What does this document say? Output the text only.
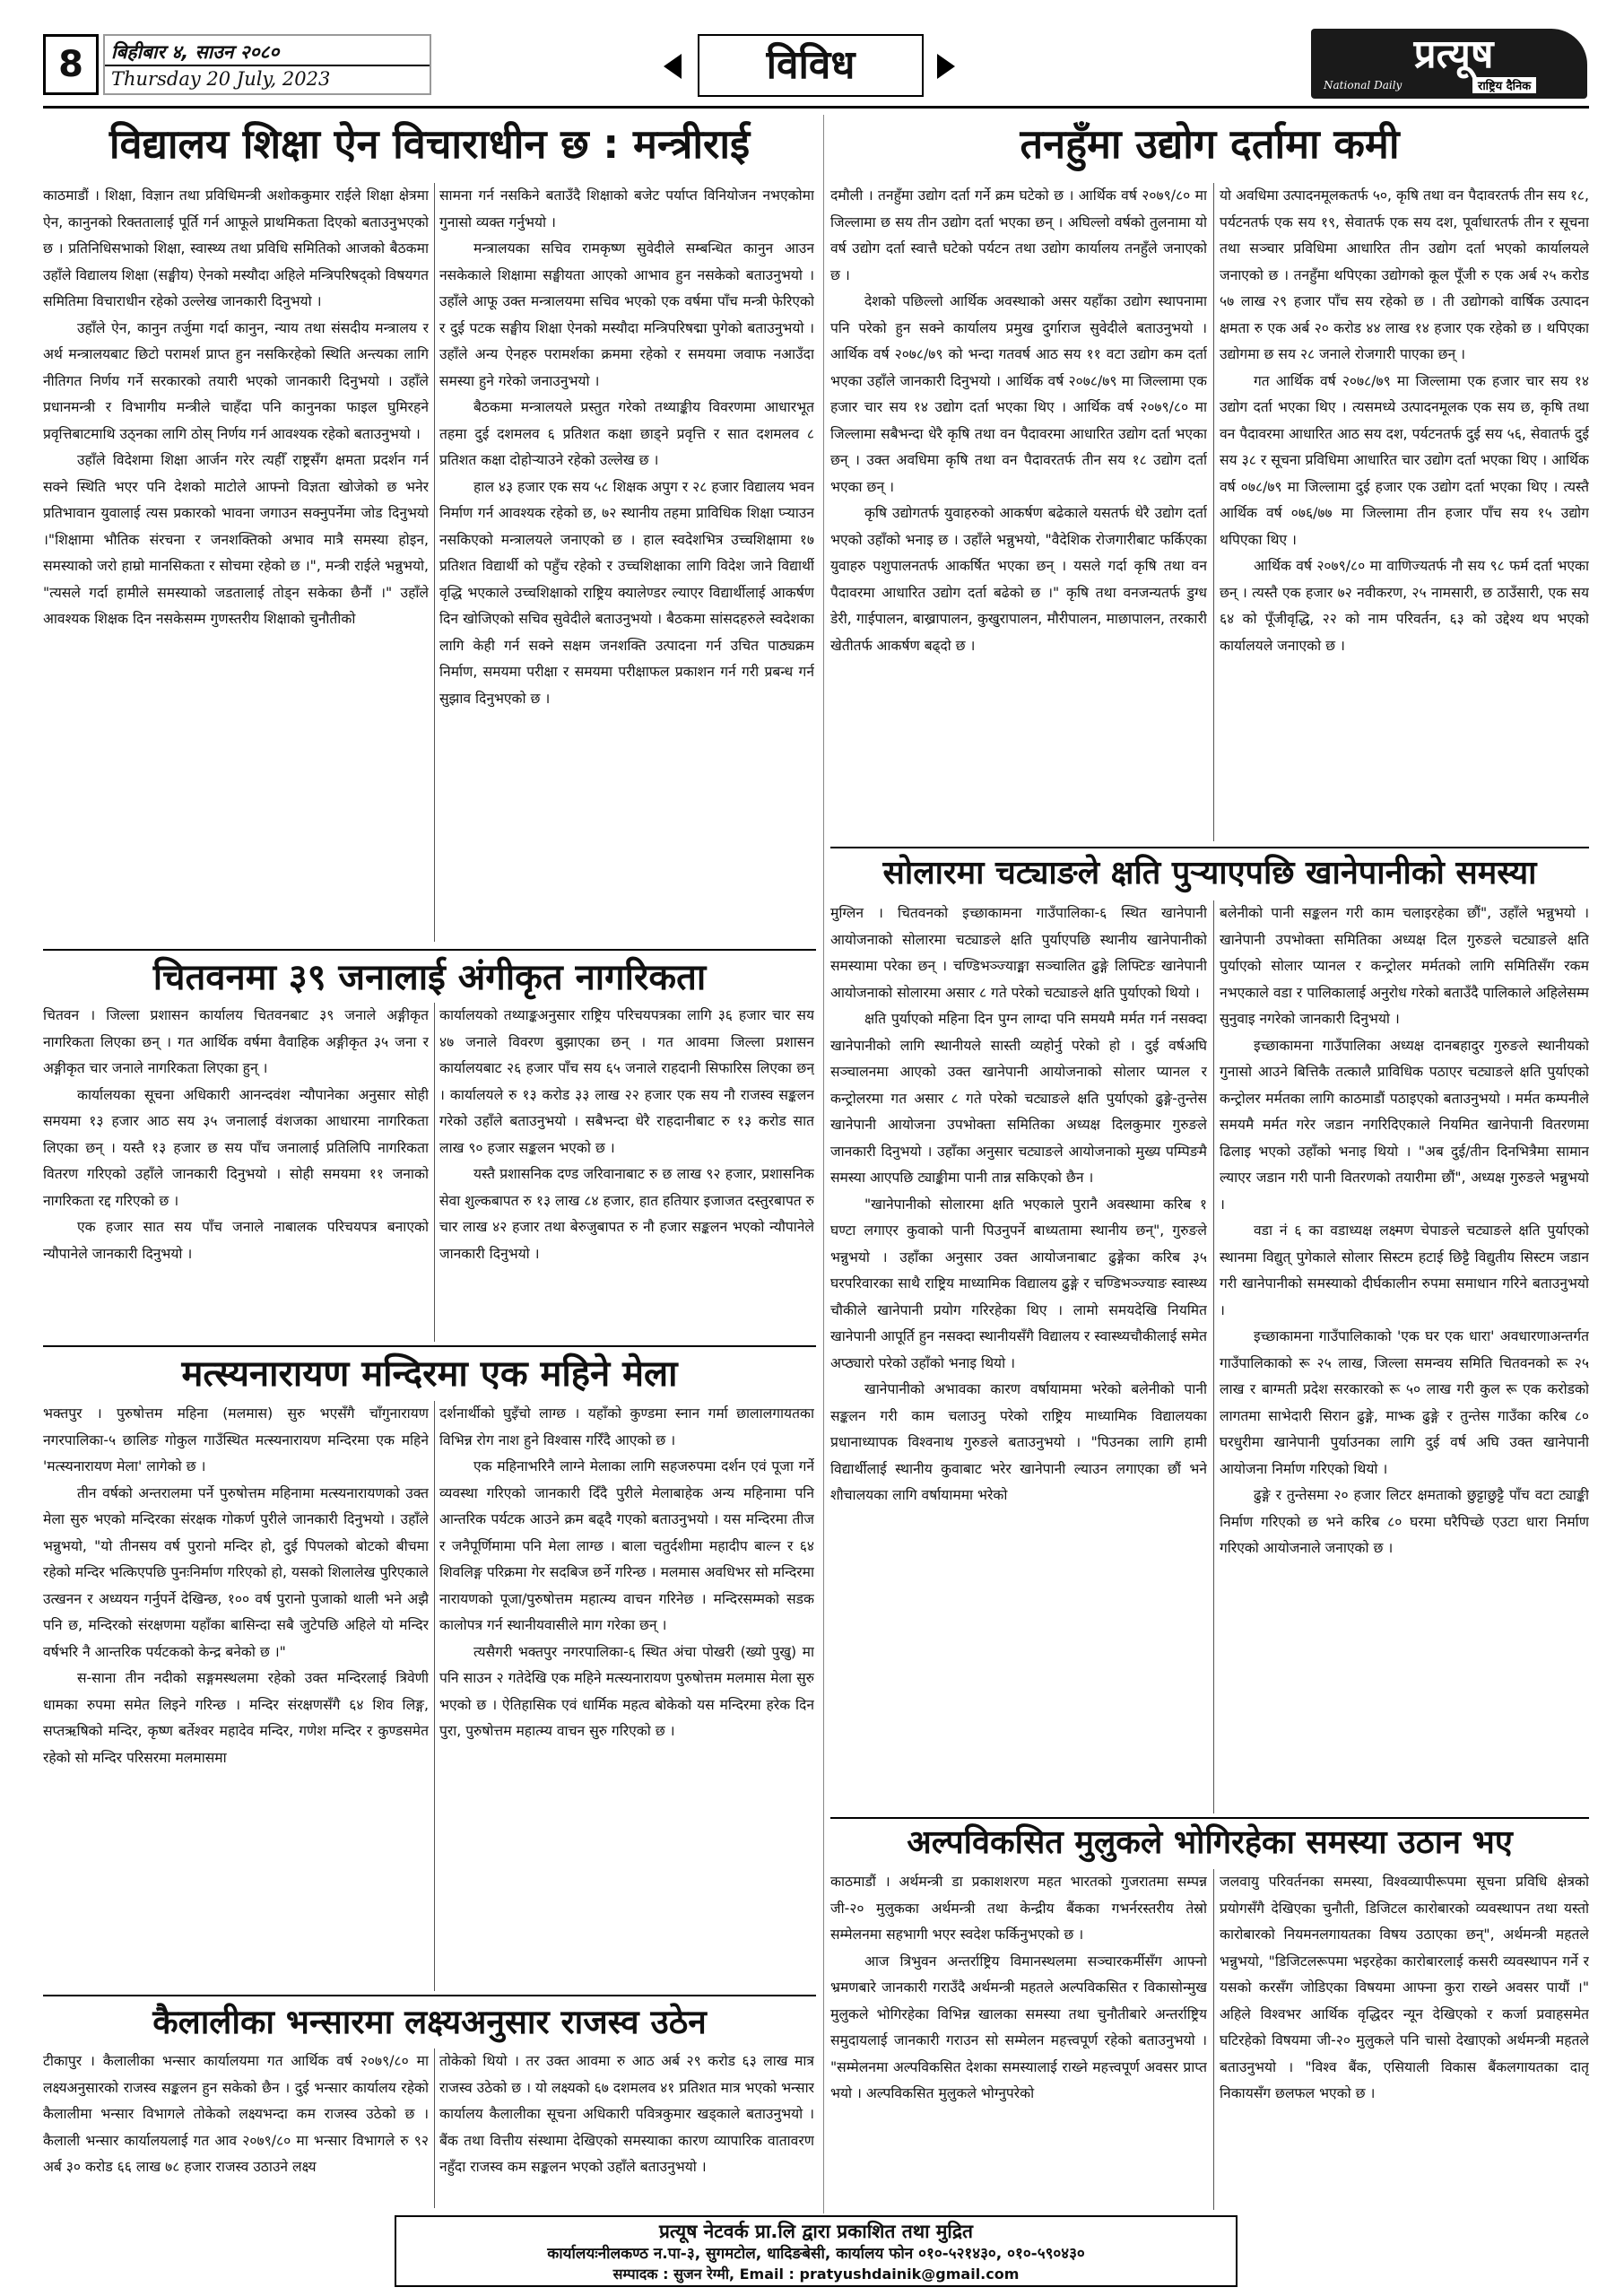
8	बिहीबार ४, साउन २०८०
Thursday 20 July, 2023	विविध	प्रत्यूष
National Daily	राष्ट्रिय दैनिक
विद्यालय शिक्षा ऐन विचाराधीन छ : मन्त्रीराई

काठमाडौं । शिक्षा, विज्ञान तथा प्रविधिमन्त्री अशोककुमार राईले शिक्षा क्षेत्रमा ऐन, कानुनको रिक्ततालाई पूर्ति गर्न आफूले प्राथमिकता दिएको बताउनुभएको छ । प्रतिनिधिसभाको शिक्षा, स्वास्थ्य तथा प्रविधि समितिको आजको बैठकमा उहाँले विद्यालय शिक्षा (सङ्घीय) ऐनको मस्यौदा अहिले मन्त्रिपरिषद्को विषयगत समितिमा विचाराधीन रहेको उल्लेख जानकारी दिनुभयो ।

उहाँले ऐन, कानुन तर्जुमा गर्दा कानुन, न्याय तथा संसदीय मन्त्रालय र अर्थ मन्त्रालयबाट छिटो परामर्श प्राप्त हुन नसकिरहेको स्थिति अन्त्यका लागि नीतिगत निर्णय गर्ने सरकारको तयारी भएको जानकारी दिनुभयो । उहाँले प्रधानमन्त्री र विभागीय मन्त्रीले चाहँदा पनि कानुनका फाइल घुमिरहने प्रवृत्तिबाटमाथि उठ्नका लागि ठोस् निर्णय गर्न आवश्यक रहेको बताउनुभयो ।

उहाँले विदेशमा शिक्षा आर्जन गरेर त्यहीँ राष्ट्रसँग क्षमता प्रदर्शन गर्न सक्ने स्थिति भएर पनि देशको माटोले आफ्नो विज्ञता खोजेको छ भनेर प्रतिभावान युवालाई त्यस प्रकारको भावना जगाउन सक्नुपर्नेमा जोड दिनुभयो ।"शिक्षामा भौतिक संरचना र जनशक्तिको अभाव मात्रै समस्या होइन, समस्याको जरो हाम्रो मानसिकता र सोचमा रहेको छ ।", मन्त्री राईले भन्नुभयो, "त्यसले गर्दा हामीले समस्याको जडतालाई तोड्न सकेका छैनौं ।" उहाँले आवश्यक शिक्षक दिन नसकेसम्म गुणस्तरीय शिक्षाको चुनौतीको

सामना गर्न नसकिने बताउँदै शिक्षाको बजेट पर्याप्त विनियोजन नभएकोमा गुनासो व्यक्त गर्नुभयो ।

मन्त्रालयका सचिव रामकृष्ण सुवेदीले सम्बन्धित कानुन आउन नसकेकाले शिक्षामा सङ्घीयता आएको आभाव हुन नसकेको बताउनुभयो । उहाँले आफू उक्त मन्त्रालयमा सचिव भएको एक वर्षमा पाँच मन्त्री फेरिएको र दुई पटक सङ्घीय शिक्षा ऐनको मस्यौदा मन्त्रिपरिषद्मा पुगेको बताउनुभयो । उहाँले अन्य ऐनहरु परामर्शका क्रममा रहेको र समयमा जवाफ नआउँदा समस्या हुने गरेको जनाउनुभयो ।

बैठकमा मन्त्रालयले प्रस्तुत गरेको तथ्याङ्कीय विवरणमा आधारभूत तहमा दुई दशमलव ६ प्रतिशत कक्षा छाड्ने प्रवृत्ति र सात दशमलव ८ प्रतिशत कक्षा दोहोऱ्याउने रहेको उल्लेख छ ।

हाल ४३ हजार एक सय ५८ शिक्षक अपुग र २८ हजार विद्यालय भवन निर्माण गर्न आवश्यक रहेको छ, ७२ स्थानीय तहमा प्राविधिक शिक्षा प्ऱ्याउन नसकिएको मन्त्रालयले जनाएको छ । हाल स्वदेशभित्र उच्चशिक्षामा १७ प्रतिशत विद्यार्थी को पहुँच रहेको र उच्चशिक्षाका लागि विदेश जाने विद्यार्थी वृद्धि भएकाले उच्चशिक्षाको राष्ट्रिय क्यालेण्डर ल्याएर विद्यार्थीलाई आकर्षण दिन खोजिएको सचिव सुवेदीले बताउनुभयो । बैठकमा सांसदहरुले स्वदेशका लागि केही गर्न सक्ने सक्षम जनशक्ति उत्पादना गर्न उचित पाठ्यक्रम निर्माण, समयमा परीक्षा र समयमा परीक्षाफल प्रकाशन गर्न गरी प्रबन्ध गर्न सुझाव दिनुभएको छ ।

चितवनमा ३९ जनालाई अंगीकृत नागरिकता

चितवन । जिल्ला प्रशासन कार्यालय चितवनबाट ३९ जनाले अङ्गीकृत नागरिकता लिएका छन् । गत आर्थिक वर्षमा वैवाहिक अङ्गीकृत ३५ जना र अङ्गीकृत चार जनाले नागरिकता लिएका हुन् ।

कार्यालयका सूचना अधिकारी आनन्दवंश न्यौपानेका अनुसार सोही समयमा १३ हजार आठ सय ३५ जनालाई वंशजका आधारमा नागरिकता लिएका छन् । यस्तै १३ हजार छ सय पाँच जनालाई प्रतिलिपि नागरिकता वितरण गरिएको उहाँले जानकारी दिनुभयो । सोही समयमा ११ जनाको नागरिकता रद्द गरिएको छ ।

एक हजार सात सय पाँच जनाले नाबालक परिचयपत्र बनाएको न्यौपानेले जानकारी दिनुभयो ।

कार्यालयको तथ्याङ्कअनुसार राष्ट्रिय परिचयपत्रका लागि ३६ हजार चार सय ४७ जनाले विवरण बुझाएका छन् । गत आवमा जिल्ला प्रशासन कार्यालयबाट २६ हजार पाँच सय ६५ जनाले राहदानी सिफारिस लिएका छन् । कार्यालयले रु १३ करोड ३३ लाख २२ हजार एक सय नौ राजस्व सङ्कलन गरेको उहाँले बताउनुभयो । सबैभन्दा धेरै राहदानीबाट रु १३ करोड सात लाख ९० हजार सङ्कलन भएको छ ।

यस्तै प्रशासनिक दण्ड जरिवानाबाट रु छ लाख ९२ हजार, प्रशासनिक सेवा शुल्कबापत रु १३ लाख ८४ हजार, हात हतियार इजाजत दस्तुरबापत रु चार लाख ४२ हजार तथा बेरुजुबापत रु नौ हजार सङ्कलन भएको न्यौपानेले जानकारी दिनुभयो ।

मत्स्यनारायण मन्दिरमा एक महिने मेला

भक्तपुर । पुरुषोत्तम महिना (मलमास) सुरु भएसँगै चाँगुनारायण नगरपालिका-५ छालिङ गोकुल गाउँस्थित मत्स्यनारायण मन्दिरमा एक महिने 'मत्स्यनारायण मेला' लागेको छ ।

तीन वर्षको अन्तरालमा पर्ने पुरुषोत्तम महिनामा मत्स्यनारायणको उक्त मेला सुरु भएको मन्दिरका संरक्षक गोकर्ण पुरीले जानकारी दिनुभयो । उहाँले भन्नुभयो, "यो तीनसय वर्ष पुरानो मन्दिर हो, दुई पिपलको बोटको बीचमा रहेको मन्दिर भत्किएपछि पुनःनिर्माण गरिएको हो, यसको शिलालेख पुरिएकाले उत्खनन र अध्ययन गर्नुपर्ने देखिन्छ, १०० वर्ष पुरानो पुजाको थाली भने अझै पनि छ, मन्दिरको संरक्षणमा यहाँका बासिन्दा सबै जुटेपछि अहिले यो मन्दिर वर्षभरि नै आन्तरिक पर्यटकको केन्द्र बनेको छ ।"

स-साना तीन नदीको सङ्गमस्थलमा रहेको उक्त मन्दिरलाई त्रिवेणी धामका रुपमा समेत लिइने गरिन्छ । मन्दिर संरक्षणसँगै ६४ शिव लिङ्ग, सप्तऋषिको मन्दिर, कृष्ण बर्तेश्वर महादेव मन्दिर, गणेश मन्दिर र कुण्डसमेत रहेको सो मन्दिर परिसरमा मलमासमा

दर्शनार्थीको घुइँचो लाग्छ । यहाँको कुण्डमा स्नान गर्मा छालालगायतका विभिन्न रोग नाश हुने विश्वास गरिँदै आएको छ ।

एक महिनाभरिनै लाग्ने मेलाका लागि सहजरुपमा दर्शन एवं पूजा गर्ने व्यवस्था गरिएको जानकारी दिँदै पुरीले मेलाबाहेक अन्य महिनामा पनि आन्तरिक पर्यटक आउने क्रम बढ्दै गएको बताउनुभयो । यस मन्दिरमा तीज र जनैपूर्णिमामा पनि मेला लाग्छ । बाला चतुर्दशीमा महादीप बाल्न र ६४ शिवलिङ्ग परिक्रमा गेर सदबिज छर्ने गरिन्छ । मलमास अवधिभर सो मन्दिरमा नारायणको पूजा/पुरुषोत्तम महात्म्य वाचन गरिनेछ । मन्दिरसम्मको सडक कालोपत्र गर्न स्थानीयवासीले माग गरेका छन् ।

त्यसैगरी भक्तपुर नगरपालिका-६ स्थित अंचा पोखरी (ख्यो पुखु) मा पनि साउन २ गतेदेखि एक महिने मत्स्यनारायण पुरुषोत्तम मलमास मेला सुरु भएको छ । ऐतिहासिक एवं धार्मिक महत्व बोकेको यस मन्दिरमा हरेक दिन पुरा, पुरुषोत्तम महात्म्य वाचन सुरु गरिएको छ ।

कैलालीका भन्सारमा लक्ष्यअनुसार राजस्व उठेन

टीकापुर । कैलालीका भन्सार कार्यालयमा गत आर्थिक वर्ष २०७९/८० मा लक्ष्यअनुसारको राजस्व सङ्कलन हुन सकेको छैन । दुई भन्सार कार्यालय रहेको कैलालीमा भन्सार विभागले तोकेको लक्ष्यभन्दा कम राजस्व उठेको छ । कैलाली भन्सार कार्यालयलाई गत आव २०७९/८० मा भन्सार विभागले रु ९२ अर्ब ३० करोड ६६ लाख ७८ हजार राजस्व उठाउने लक्ष्य

तोकेको थियो । तर उक्त आवमा रु आठ अर्ब २९ करोड ६३ लाख मात्र राजस्व उठेको छ । यो लक्ष्यको ६७ दशमलव ४१ प्रतिशत मात्र भएको भन्सार कार्यालय कैलालीका सूचना अधिकारी पवित्रकुमार खड्काले बताउनुभयो । बैंक तथा वित्तीय संस्थामा देखिएको समस्याका कारण व्यापारिक वातावरण नहुँदा राजस्व कम सङ्कलन भएको उहाँले बताउनुभयो ।

तनहुँमा उद्योग दर्तामा कमी

दमौली । तनहुँमा उद्योग दर्ता गर्ने क्रम घटेको छ । आर्थिक वर्ष २०७९/८० मा जिल्लामा छ सय तीन उद्योग दर्ता भएका छन् । अघिल्लो वर्षको तुलनामा यो वर्ष उद्योग दर्ता स्वात्तै घटेको पर्यटन तथा उद्योग कार्यालय तनहुँले जनाएको छ ।

देशको पछिल्लो आर्थिक अवस्थाको असर यहाँका उद्योग स्थापनामा पनि परेको हुन सक्ने कार्यालय प्रमुख दुर्गाराज सुवेदीले बताउनुभयो । आर्थिक वर्ष २०७८/७९ को भन्दा गतवर्ष आठ सय ११ वटा उद्योग कम दर्ता भएका उहाँले जानकारी दिनुभयो । आर्थिक वर्ष २०७८/७९ मा जिल्लामा एक हजार चार सय १४ उद्योग दर्ता भएका थिए । आर्थिक वर्ष २०७९/८० मा जिल्लामा सबैभन्दा धेरै कृषि तथा वन पैदावरमा आधारित उद्योग दर्ता भएका छन् । उक्त अवधिमा कृषि तथा वन पैदावरतर्फ तीन सय १८ उद्योग दर्ता भएका छन् ।

कृषि उद्योगतर्फ युवाहरुको आकर्षण बढेकाले यसतर्फ धेरै उद्योग दर्ता भएको उहाँको भनाइ छ । उहाँले भन्नुभयो, "वैदेशिक रोजगारीबाट फर्किएका युवाहरु पशुपालनतर्फ आकर्षित भएका छन् । यसले गर्दा कृषि तथा वन पैदावरमा आधारित उद्योग दर्ता बढेको छ ।" कृषि तथा वनजन्यतर्फ डुग्ध डेरी, गाईपालन, बाख्रापालन, कुखुरापालन, मौरीपालन, माछापालन, तरकारी खेतीतर्फ आकर्षण बढ्दो छ ।

यो अवधिमा उत्पादनमूलकतर्फ ५०, कृषि तथा वन पैदावरतर्फ तीन सय १८, पर्यटनतर्फ एक सय १९, सेवातर्फ एक सय दश, पूर्वाधारतर्फ तीन र सूचना तथा सञ्चार प्रविधिमा आधारित तीन उद्योग दर्ता भएको कार्यालयले जनाएको छ । तनहुँमा थपिएका उद्योगको कूल पूँजी रु एक अर्ब २५ करोड ५७ लाख २९ हजार पाँच सय रहेको छ । ती उद्योगको वार्षिक उत्पादन क्षमता रु एक अर्ब २० करोड ४४ लाख १४ हजार एक रहेको छ । थपिएका उद्योगमा छ सय २८ जनाले रोजगारी पाएका छन् ।

गत आर्थिक वर्ष २०७८/७९ मा जिल्लामा एक हजार चार सय १४ उद्योग दर्ता भएका थिए । त्यसमध्ये उत्पादनमूलक एक सय छ, कृषि तथा वन पैदावरमा आधारित आठ सय दश, पर्यटनतर्फ दुई सय ५६, सेवातर्फ दुई सय ३८ र सूचना प्रविधिमा आधारित चार उद्योग दर्ता भएका थिए । आर्थिक वर्ष ०७८/७९ मा जिल्लामा दुई हजार एक उद्योग दर्ता भएका थिए । त्यस्तै आर्थिक वर्ष ०७६/७७ मा जिल्लामा तीन हजार पाँच सय १५ उद्योग थपिएका थिए ।

आर्थिक वर्ष २०७९/८० मा वाणिज्यतर्फ नौ सय ९८ फर्म दर्ता भएका छन् । त्यस्तै एक हजार ७२ नवीकरण, २५ नामसारी, छ ठाउँसारी, एक सय ६४ को पूँजीवृद्धि, २२ को नाम परिवर्तन, ६३ को उद्देश्य थप भएको कार्यालयले जनाएको छ ।

सोलारमा चट्याङले क्षति पुऱ्याएपछि खानेपानीको समस्या

मुग्लिन । चितवनको इच्छाकामना गाउँपालिका-६ स्थित खानेपानी आयोजनाको सोलारमा चट्याङले क्षति पुर्याएपछि स्थानीय खानेपानीको समस्यामा परेका छन् । चण्डिभञ्ज्याङ्मा सञ्चालित ढुङ्गे लिफ्टिङ खानेपानी आयोजनाको सोलारमा असार ८ गते परेको चट्याङले क्षति पुर्याएको थियो ।

क्षति पुर्याएको महिना दिन पुग्न लाग्दा पनि समयमै मर्मत गर्न नसक्दा खानेपानीको लागि स्थानीयले सास्ती व्यहोर्नु परेको हो । दुई वर्षअघि सञ्चालनमा आएको उक्त खानेपानी आयोजनाको सोलार प्यानल र कन्ट्रोलरमा गत असार ८ गते परेको चट्याङले क्षति पुर्याएको ढुङ्गे-तुन्तेस खानेपानी आयोजना उपभोक्ता समितिका अध्यक्ष दिलकुमार गुरुङले जानकारी दिनुभयो । उहाँका अनुसार चट्याङले आयोजनाको मुख्य पम्पिङमै समस्या आएपछि ट्याङ्कीमा पानी तान्न सकिएको छैन ।

"खानेपानीको सोलारमा क्षति भएकाले पुरानै अवस्थामा करिब १ घण्टा लगाएर कुवाको पानी पिउनुपर्ने बाध्यतामा स्थानीय छन्", गुरुङले भन्नुभयो । उहाँका अनुसार उक्त आयोजनाबाट ढुङ्गेका करिब ३५ घरपरिवारका साथै राष्ट्रिय माध्यामिक विद्यालय ढुङ्गे र चण्डिभञ्ज्याङ स्वास्थ्य चौकीले खानेपानी प्रयोग गरिरहेका थिए । लामो समयदेखि नियमित खानेपानी आपूर्ति हुन नसक्दा स्थानीयसँगै विद्यालय र स्वास्थ्यचौकीलाई समेत अप्ठ्यारो परेको उहाँको भनाइ थियो ।

खानेपानीको अभावका कारण वर्षायाममा भरेको बलेनीको पानी सङ्कलन गरी काम चलाउनु परेको राष्ट्रिय माध्यामिक विद्यालयका प्रधानाध्यापक विश्वनाथ गुरुङले बताउनुभयो । "पिउनका लागि हामी विद्यार्थीलाई स्थानीय कुवाबाट भरेर खानेपानी ल्याउन लगाएका छौं भने शौचालयका लागि वर्षायाममा भरेको

बलेनीको पानी सङ्कलन गरी काम चलाइरहेका छौं", उहाँले भन्नुभयो । खानेपानी उपभोक्ता समितिका अध्यक्ष दिल गुरुङले चट्याङले क्षति पुर्याएको सोलार प्यानल र कन्ट्रोलर मर्मतको लागि समितिसँग रकम नभएकाले वडा र पालिकालाई अनुरोध गरेको बताउँदै पालिकाले अहिलेसम्म सुनुवाइ नगरेको जानकारी दिनुभयो ।

इच्छाकामना गाउँपालिका अध्यक्ष दानबहादुर गुरुङले स्थानीयको गुनासो आउने बित्तिकै तत्कालै प्राविधिक पठाएर चट्याङले क्षति पुर्याएको कन्ट्रोलर मर्मतका लागि काठमाडौं पठाइएको बताउनुभयो । मर्मत कम्पनीले समयमै मर्मत गरेर जडान नगरिदिएकाले नियमित खानेपानी वितरणमा ढिलाइ भएको उहाँको भनाइ थियो । "अब दुई/तीन दिनभित्रैमा सामान ल्याएर जडान गरी पानी वितरणको तयारीमा छौं", अध्यक्ष गुरुङले भन्नुभयो ।

वडा नं ६ का वडाध्यक्ष लक्ष्मण चेपाङले चट्याङले क्षति पुर्याएको स्थानमा विद्युत् पुगेकाले सोलार सिस्टम हटाई छिट्टै विद्युतीय सिस्टम जडान गरी खानेपानीको समस्याको दीर्घकालीन रुपमा समाधान गरिने बताउनुभयो ।

इच्छाकामना गाउँपालिकाको 'एक घर एक धारा' अवधारणाअन्तर्गत गाउँपालिकाको रू २५ लाख, जिल्ला समन्वय समिति चितवनको रू २५ लाख र बाग्मती प्रदेश सरकारको रू ५० लाख गरी कुल रू एक करोडको लागतमा साभेदारी सिरान ढुङ्गे, माभ्क ढुङ्गे र तुन्तेस गाउँका करिब ८० घरधुरीमा खानेपानी पुर्याउनका लागि दुई वर्ष अघि उक्त खानेपानी आयोजना निर्माण गरिएको थियो ।

ढुङ्गे र तुन्तेसमा २० हजार लिटर क्षमताको छुट्टाछुट्टै पाँच वटा ट्याङ्की निर्माण गरिएको छ भने करिब ८० घरमा घरैपिच्छे एउटा धारा निर्माण गरिएको आयोजनाले जनाएको छ ।

अल्पविकसित मुलुकले भोगिरहेका समस्या उठान भए

काठमाडौं । अर्थमन्त्री डा प्रकाशशरण महत भारतको गुजरातमा सम्पन्न जी-२० मुलुकका अर्थमन्त्री तथा केन्द्रीय बैंकका गभर्नरस्तरीय तेस्रो सम्मेलनमा सहभागी भएर स्वदेश फर्किनुभएको छ ।

आज त्रिभुवन अन्तर्राष्ट्रिय विमानस्थलमा सञ्चारकर्मीसँग आफ्नो भ्रमणबारे जानकारी गराउँदै अर्थमन्त्री महतले अल्पविकसित र विकासोन्मुख मुलुकले भोगिरहेका विभिन्न खालका समस्या तथा चुनौतीबारे अन्तर्राष्ट्रिय समुदायलाई जानकारी गराउन सो सम्मेलन महत्त्वपूर्ण रहेको बताउनुभयो । "सम्मेलनमा अल्पविकसित देशका समस्यालाई राख्ने महत्त्वपूर्ण अवसर प्राप्त भयो । अल्पविकसित मुलुकले भोग्नुपरेको

जलवायु परिवर्तनका समस्या, विश्वव्यापीरूपमा सूचना प्रविधि क्षेत्रको प्रयोगसँगै देखिएका चुनौती, डिजिटल कारोबारको व्यवस्थापन तथा यस्तो कारोबारको नियमनलगायतका विषय उठाएका छन्", अर्थमन्त्री महतले भन्नुभयो, "डिजिटलरूपमा भइरहेका कारोबारलाई कसरी व्यवस्थापन गर्ने र यसको करसँग जोडिएका विषयमा आफ्ना कुरा राख्ने अवसर पायौं ।" अहिले विश्वभर आर्थिक वृद्धिदर न्यून देखिएको र कर्जा प्रवाहसमेत घटिरहेको विषयमा जी-२० मुलुकले पनि चासो देखाएको अर्थमन्त्री महतले बताउनुभयो । "विश्व बैंक, एसियाली विकास बैंकलगायतका दातृ निकायसँग छलफल भएको छ ।

प्रत्यूष नेटवर्क प्रा.लि द्वारा प्रकाशित तथा मुद्रित
कार्यालयःनीलकण्ठ न.पा-३, सुगमटोल, धादिङबेसी, कार्यालय फोन ०१०-५२१४३०, ०१०-५९०४३०
सम्पादक : सुजन रेग्मी, Email : pratyushdainik@gmail.com
